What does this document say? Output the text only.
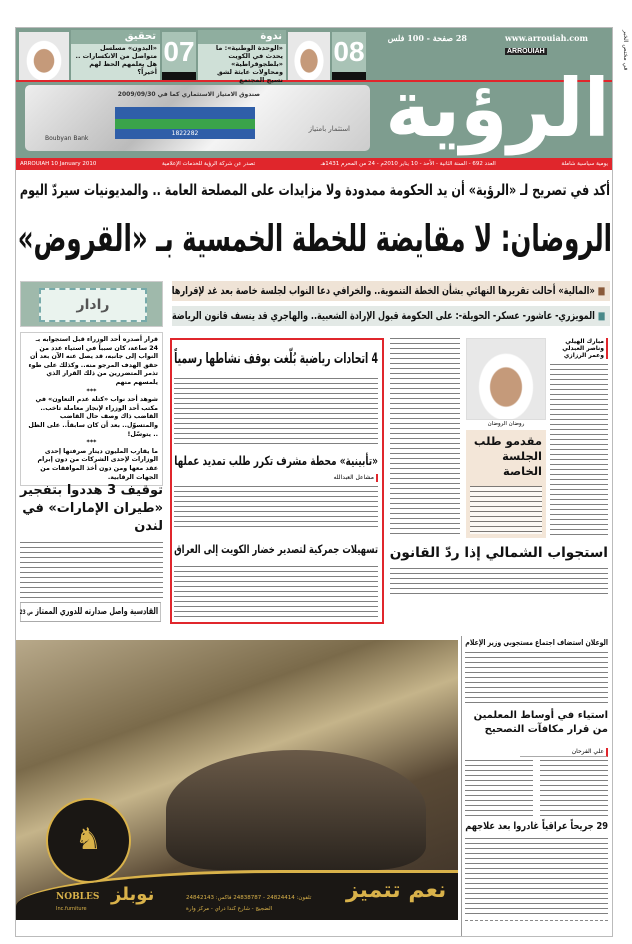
في مختص الخبر
تحقيق
«البدون» مسلسل متواصل من الانكسارات .. هل يعلمهم الحظ لهم أخيراً؟
07	ندوة
«الوحدة الوطنية»: ما يحدث في الكويت «بلطجوقراطية» ومحاولات عابثة لشق نسيج المجتمع
08	28 صفحة - 100 فلس	www.arrouiah.com
ARROUIAH
الرؤية
صندوق الامتياز الاستثماري كما في 2009/09/30
1822282
استثمار بامتياز
Boubyan Bank
يومية سياسية شاملة
العدد 692 - السنة الثانية - الأحد - 10 يناير 2010م - 24 من المحرم 1431هـ
تصدر عن شركة الرؤية للخدمات الإعلامية
ARROUIAH 10 January 2010
أكد في تصريح لـ «الرؤية» أن يد الحكومة ممدودة ولا مزايدات على المصلحة العامة .. والمديونيات سيردّ اليوم
الروضان: لا مقايضة للخطة الخمسية بـ «القروض»
■ «المالية» أحالت تقريرها النهائي بشأن الخطة التنموية.. والخرافي دعا النواب لجلسة خاصة بعد غد لإقرارها
■ المويزري- عاشور- عسكر- الحويلة-: على الحكومة قبول الإرادة الشعبية.. والهاجري قد ينسف قانون الرياضة
رادار
قرار أصدره أحد الوزراء قبل استجوابه بـ 24 ساعة، كان سبباً في استياء عدد من النواب إلى جانبه، قد يصل عنه الآن بعد أن حقق الهدف المرجو منه.. وكذلك على طوء تذمر المتضررين من ذلك القرار الذي يلمسهم منهم
***
شوهد أحد نواب «كتلة عدم التعاون» في مكتب أحد الوزراء لإنجاز معاملة تاخب.. القاضب ذاك وصف حال القاضب والمتسوّل.. بعد أن كان سابقاً.. على الظل .. يتوسّل!
***
ما يقارب المليون دينار صرفتها إحدى الوزارات لإحدى الشركات من دون إبرام عقد معها ومن دون أخذ الموافقات من الجهات الرقابية.
توقيف 3 هددوا بتفجير «طيران الإمارات» في لندن
القادسية واصل صدارته للدوري الممتاز ص 23
4 اتحادات رياضية بُلّغت بوقف نشاطها رسمياً
«تأبينية» محطة مشرف تكرر طلب تمديد عملها
مشاعل العبدالله
تسهيلات جمركية لتصدير خضار الكويت إلى العراق
مبارك الهيلي وناصر العبدلي وعمر الرزازي
روضان الروضان
مقدمو طلب الجلسة الخاصة
استجواب الشمالي إذا ردّ القانون
♞
نوبلز
NOBLES
Inc.furniture
نعم تتميز
تلفون: 24824414 - 24838787 فاكس: 24842143
الضجيج - شارع كندا دراي - مركز وارة
الوعلان استضاف اجتماع مستجوبي وزير الإعلام
استياء في أوساط المعلمين من قرار مكافآت التصحيح
علي الفرحان
29 جريحاً عراقياً غادروا بعد علاجهم
